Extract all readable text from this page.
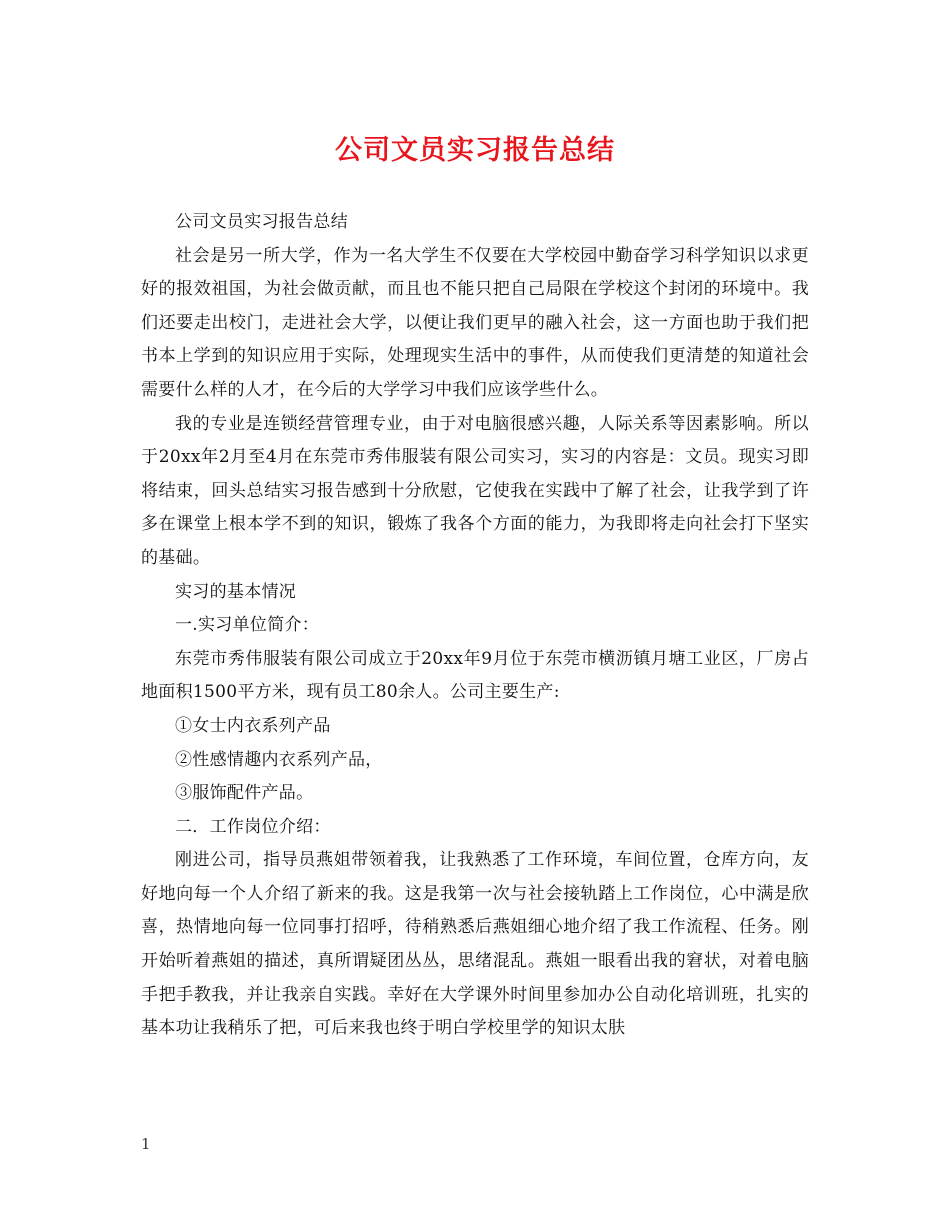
公司文员实习报告总结

公司文员实习报告总结

社会是另一所大学，作为一名大学生不仅要在大学校园中勤奋学习科学知识以求更好的报效祖国，为社会做贡献，而且也不能只把自己局限在学校这个封闭的环境中。我们还要走出校门，走进社会大学，以便让我们更早的融入社会，这一方面也助于我们把书本上学到的知识应用于实际，处理现实生活中的事件，从而使我们更清楚的知道社会需要什么样的人才，在今后的大学学习中我们应该学些什么。

我的专业是连锁经营管理专业，由于对电脑很感兴趣，人际关系等因素影响。所以于20xx年2月至4月在东莞市秀伟服装有限公司实习，实习的内容是：文员。现实习即将结束，回头总结实习报告感到十分欣慰，它使我在实践中了解了社会，让我学到了许多在课堂上根本学不到的知识，锻炼了我各个方面的能力，为我即将走向社会打下坚实的基础。

实习的基本情况

一.实习单位简介：

东莞市秀伟服装有限公司成立于20xx年9月位于东莞市横沥镇月塘工业区，厂房占地面积1500平方米，现有员工80余人。公司主要生产:

①女士内衣系列产品

②性感情趣内衣系列产品，

③服饰配件产品。

二．工作岗位介绍：

刚进公司，指导员燕姐带领着我，让我熟悉了工作环境，车间位置，仓库方向，友好地向每一个人介绍了新来的我。这是我第一次与社会接轨踏上工作岗位，心中满是欣喜，热情地向每一位同事打招呼，待稍熟悉后燕姐细心地介绍了我工作流程、任务。刚开始听着燕姐的描述，真所谓疑团丛丛，思绪混乱。燕姐一眼看出我的窘状，对着电脑手把手教我，并让我亲自实践。幸好在大学课外时间里参加办公自动化培训班，扎实的基本功让我稍乐了把，可后来我也终于明白学校里学的知识太肤

1
